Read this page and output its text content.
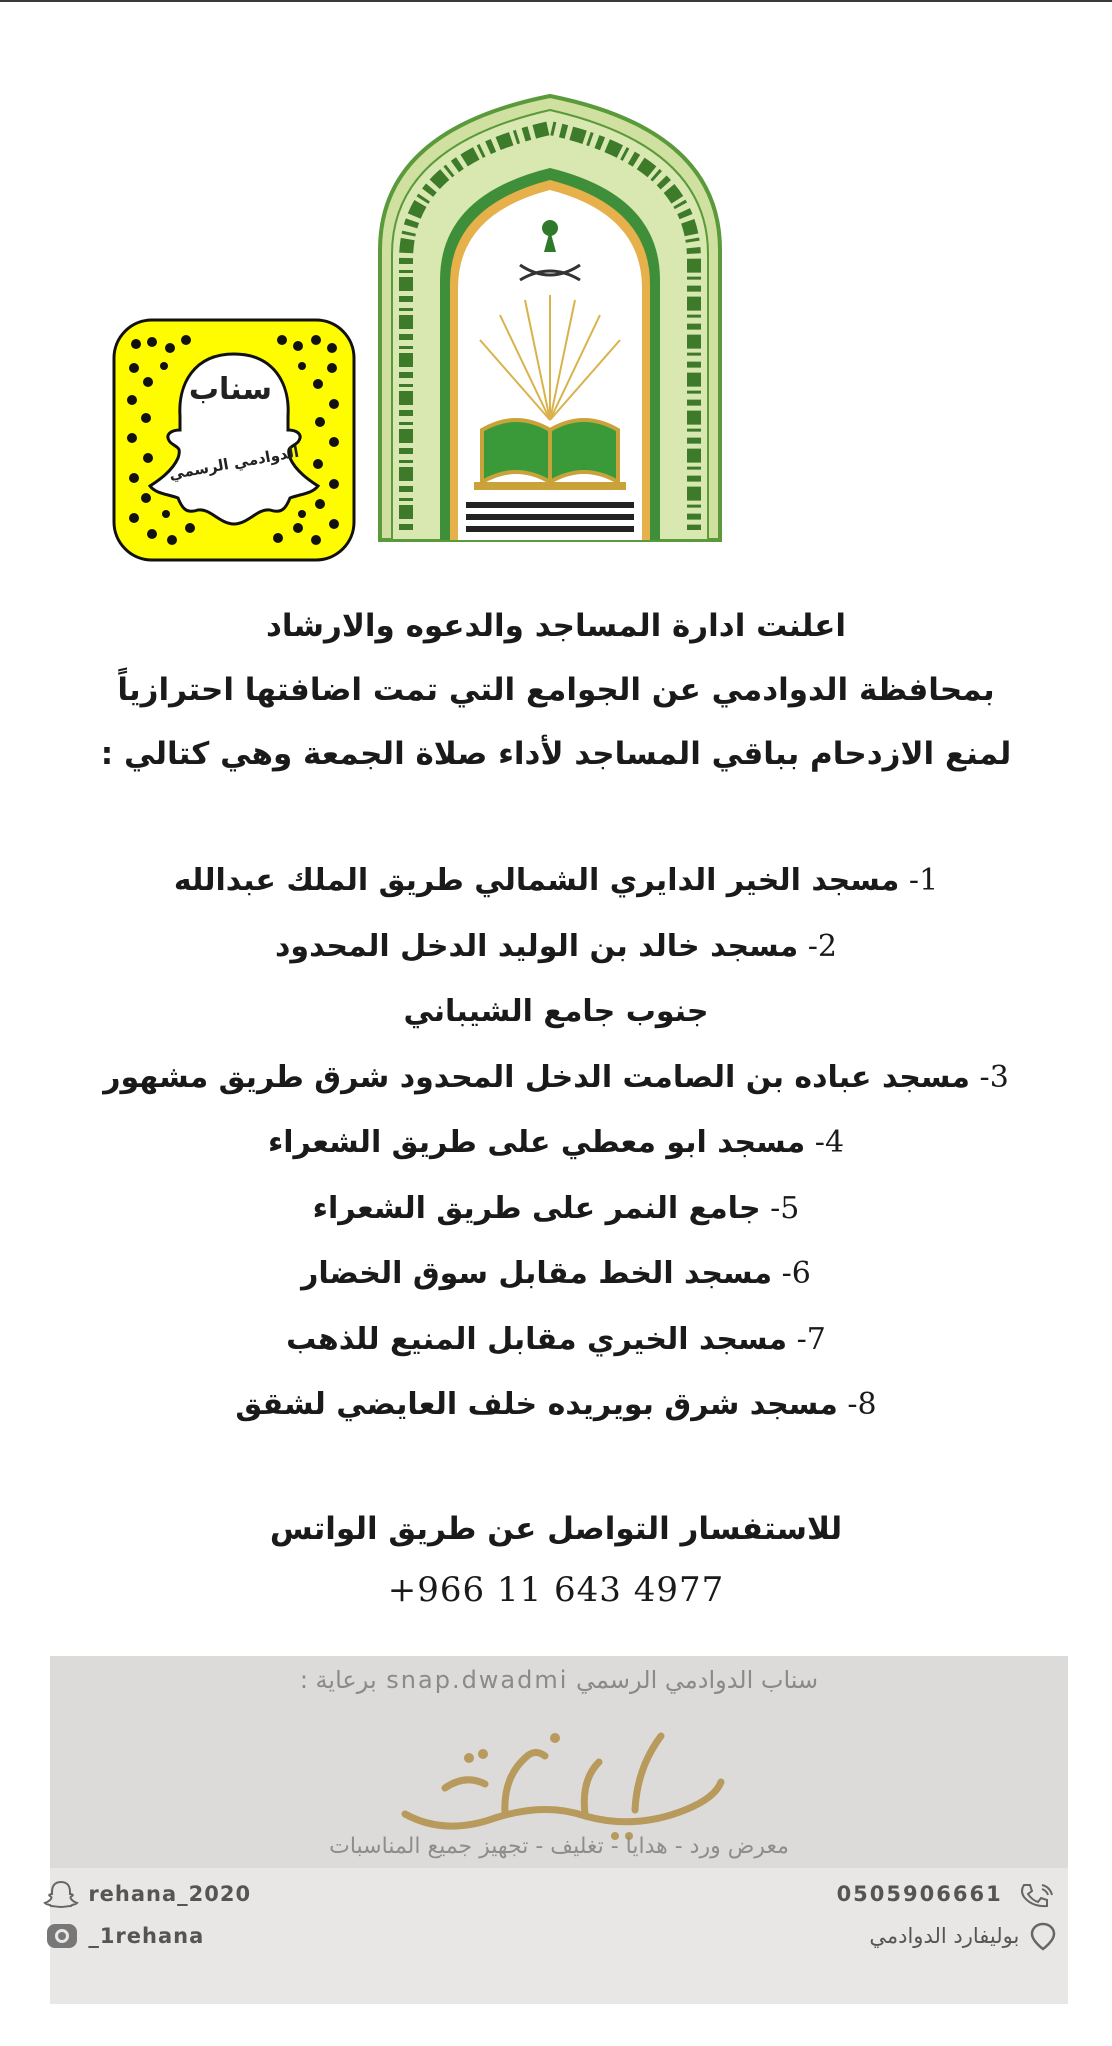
سناب
الدوادمي الرسمي
اعلنت ادارة المساجد والدعوه والارشاد
بمحافظة الدوادمي عن الجوامع التي تمت اضافتها احترازياً
لمنع الازدحام بباقي المساجد لأداء صلاة الجمعة وهي كتالي :
1- مسجد الخير الدايري الشمالي طريق الملك عبدالله
2- مسجد خالد بن الوليد الدخل المحدود
جنوب جامع الشيباني
3- مسجد عباده بن الصامت الدخل المحدود شرق طريق مشهور
4- مسجد ابو معطي على طريق الشعراء
5- جامع النمر على طريق الشعراء
6- مسجد الخط مقابل سوق الخضار
7- مسجد الخيري مقابل المنيع للذهب
8- مسجد شرق بويريده خلف العايضي لشقق
للاستفسار التواصل عن طريق الواتس
+966 11 643 4977
سناب الدوادمي الرسمي snap.dwadmi برعاية :
معرض ورد - هدايا - تغليف - تجهيز جميع المناسبات
rehana_2020
_1rehana
0505906661
بوليفارد الدوادمي
